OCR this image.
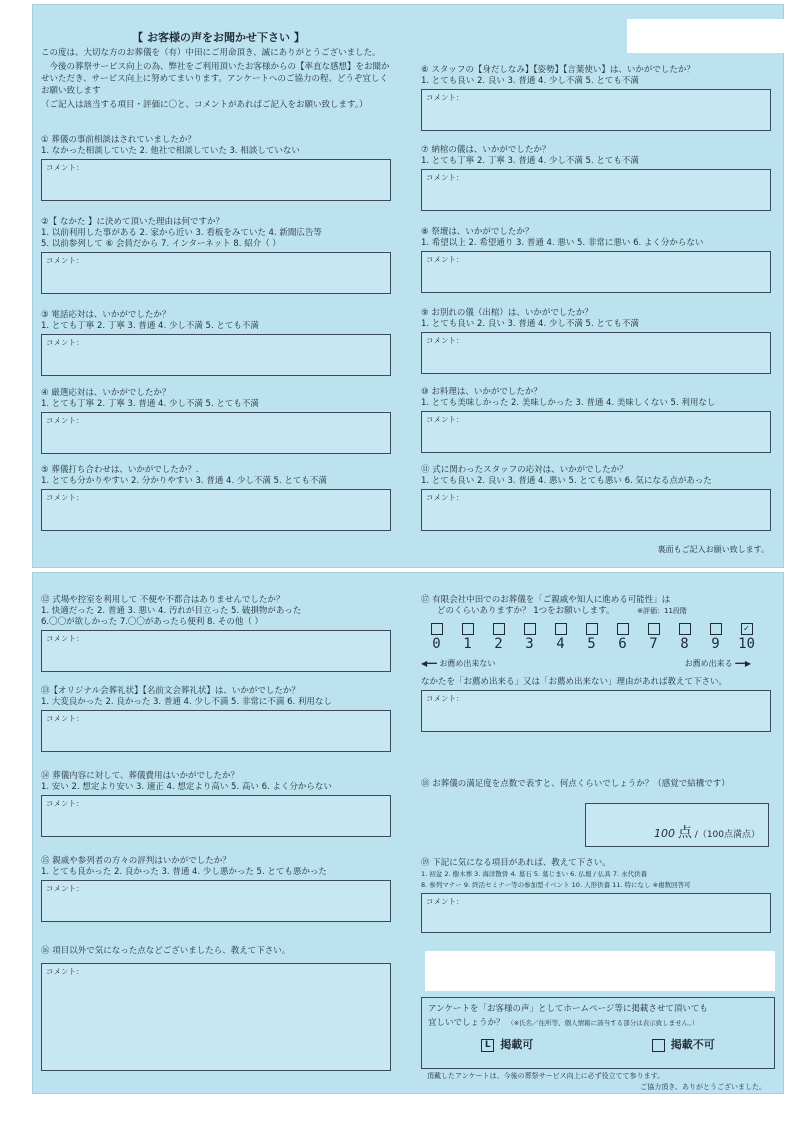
【 お客様の声をお聞かせ下さい 】
この度は、大切な方のお葬儀を（有）中田にご用命頂き、誠にありがとうございました。
今後の葬祭サービス向上の為、弊社をご利用頂いたお客様からの【率直な感想】をお聞かせいただき、サービス向上に努めてまいります。アンケートへのご協力の程、どうぞ宜しくお願い致します
（ご記入は該当する項目・評価に〇と、コメントがあればご記入をお願い致します。）
① 葬儀の事前相談はされていましたか？
1. なかった相談していた 2. 他社で相談していた 3. 相談していない
コメント：
②【 なかた 】に決めて頂いた理由は何ですか？
1. 以前利用した事がある 2. 家から近い 3. 看板をみていた 4. 新聞広告等
5. 以前参列して ⑥ 会員だから 7. インターネット 8. 紹介（ ）
コメント：
③ 電話応対は、いかがでしたか？
1. とても丁寧 2. 丁寧 3. 普通 4. 少し不満 5. とても不満
コメント：
④ 厳選応対は、いかがでしたか？
1. とても丁寧 2. 丁寧 3. 普通 4. 少し不満 5. とても不満
コメント：
⑤ 葬儀打ち合わせは、いかがでしたか？.
1. とても分かりやすい 2. 分かりやすい 3. 普通 4. 少し不満 5. とても不満
コメント：
⑥ スタッフの【身だしなみ】【姿勢】【言葉使い】は、いかがでしたか？
1. とても良い 2. 良い 3. 普通 4. 少し不満 5. とても不満
コメント：
⑦ 納棺の儀は、いかがでしたか？
1. とても丁寧 2. 丁寧 3. 普通 4. 少し不満 5. とても不満
コメント：
⑧ 祭壇は、いかがでしたか？
1. 希望以上 2. 希望通り 3. 普通 4. 悪い 5. 非常に悪い 6. よく分からない
コメント：
⑨ お別れの儀（出棺）は、いかがでしたか？
1. とても良い 2. 良い 3. 普通 4. 少し不満 5. とても不満
コメント：
⑩ お料理は、いかがでしたか？
1. とても美味しかった 2. 美味しかった 3. 普通 4. 美味しくない 5. 利用なし
コメント：
⑪ 式に関わったスタッフの応対は、いかがでしたか？
1. とても良い 2. 良い 3. 普通 4. 悪い 5. とても悪い 6. 気になる点があった
コメント：
裏面もご記入お願い致します。
⑫ 式場や控室を利用して 不便や不都合はありませんでしたか？
1. 快適だった 2. 普通 3. 悪い 4. 汚れが目立った 5. 破損物があった
6.〇〇が欲しかった 7.〇〇があったら便利 8. その他（ ）
コメント：
⑬【オリジナル会葬礼状】【名前文会葬礼状】は、いかがでしたか？
1. 大変良かった 2. 良かった 3. 普通 4. 少し不満 5. 非常に不満 6. 利用なし
コメント：
⑭ 葬儀内容に対して、葬儀費用はいかがでしたか？
1. 安い 2. 想定より安い 3. 適正 4. 想定より高い 5. 高い 6. よく分からない
コメント：
⑮ 親戚や参列者の方々の評判はいかがでしたか？
1. とても良かった 2. 良かった 3. 普通 4. 少し悪かった 5. とても悪かった
コメント：
⑯ 項目以外で気になった点などございましたら、教えて下さい。
コメント：
⑰ 有限会社中田でのお葬儀を「ご親戚や知人に進める可能性」は
どのくらいありますか？ 1つをお願いします。	※評価：11段階
0	1	2	3	4	5	6	7	8	9
✓
10
◀━━ お薦め出来ない	お薦め出来る ━━▶
なかたを「お薦め出来る」又は「お薦め出来ない」理由があれば教えて下さい。
コメント：
⑱ お葬儀の満足度を点数で表すと、何点くらいでしょうか？（感覚で結構です）
100 点 /（100点満点）
⑲ 下記に気になる項目があれば、教えて下さい。
1. 初盆 2. 樹木葬 3. 海洋散骨 4. 墓石 5. 墓じまい 6. 仏壇 / 仏具 7. 永代供養
8. 参列マナー 9. 終活セミナー等の参加型イベント 10. 人形供養 11. 特になし ※複数回答可
コメント：
アンケートを「お客様の声」としてホームページ等に掲載させて頂いても
宜しいでしょうか？ （※氏名／住所等、個人情報に該当する部分は表示致しません。）
L 掲載可	掲載不可
頂戴したアンケートは、今後の葬祭サービス向上に必ず役立てて参ります。
ご協力頂き、ありがとうございました。
